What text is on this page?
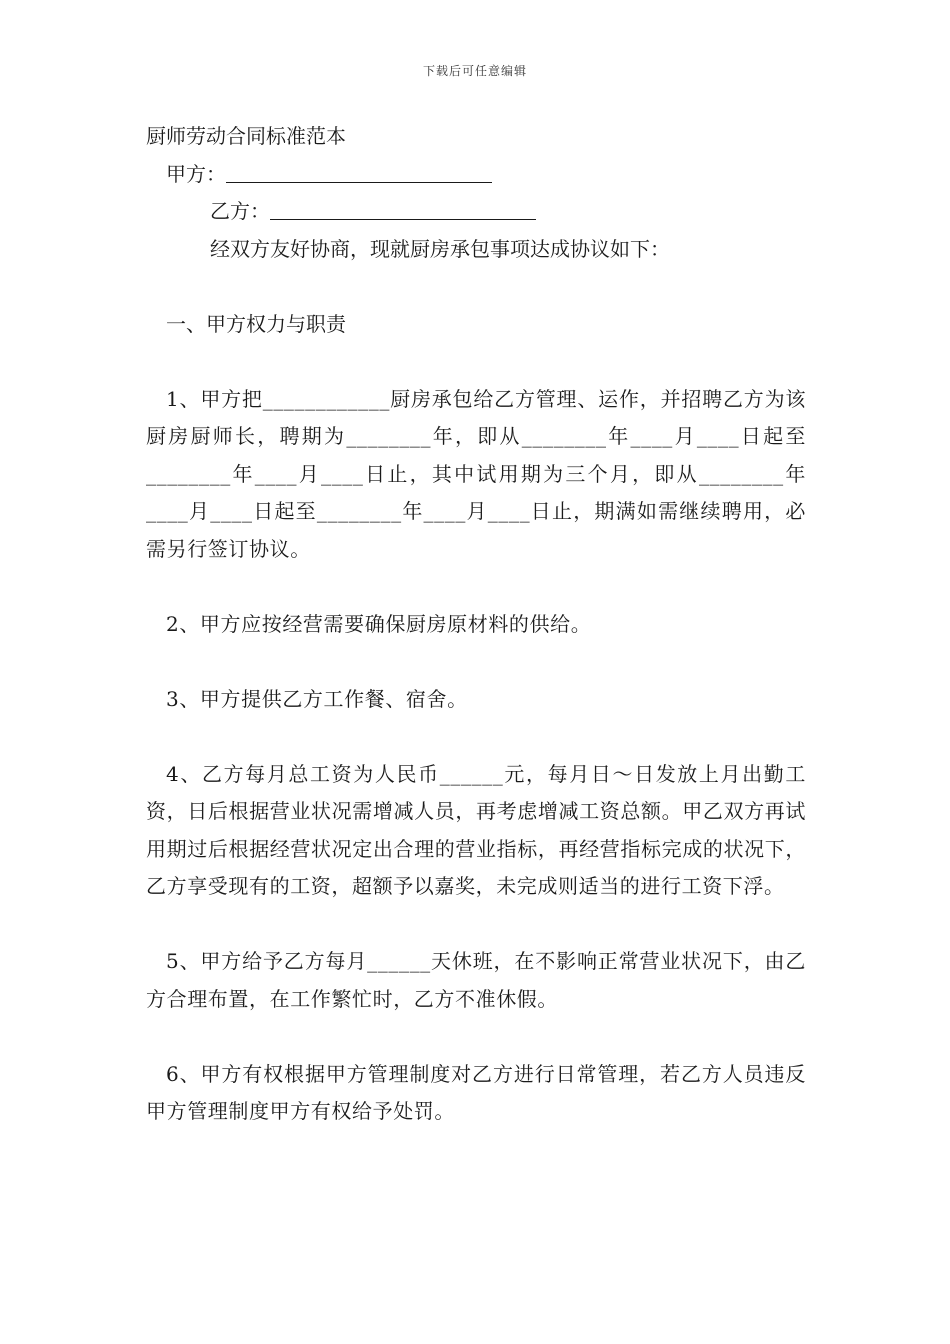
下载后可任意编辑
厨师劳动合同标准范本
甲方：
乙方：
经双方友好协商，现就厨房承包事项达成协议如下：
一、甲方权力与职责
1、甲方把____________厨房承包给乙方管理、运作，并招聘乙方为该厨房厨师长，聘期为________年，即从________年____月____日起至________年____月____日止，其中试用期为三个月，即从________年____月____日起至________年____月____日止，期满如需继续聘用，必需另行签订协议。
2、甲方应按经营需要确保厨房原材料的供给。
3、甲方提供乙方工作餐、宿舍。
4、乙方每月总工资为人民币______元，每月日～日发放上月出勤工资，日后根据营业状况需增减人员，再考虑增减工资总额。甲乙双方再试用期过后根据经营状况定出合理的营业指标，再经营指标完成的状况下，乙方享受现有的工资，超额予以嘉奖，未完成则适当的进行工资下浮。
5、甲方给予乙方每月______天休班，在不影响正常营业状况下，由乙方合理布置，在工作繁忙时，乙方不准休假。
6、甲方有权根据甲方管理制度对乙方进行日常管理，若乙方人员违反甲方管理制度甲方有权给予处罚。
